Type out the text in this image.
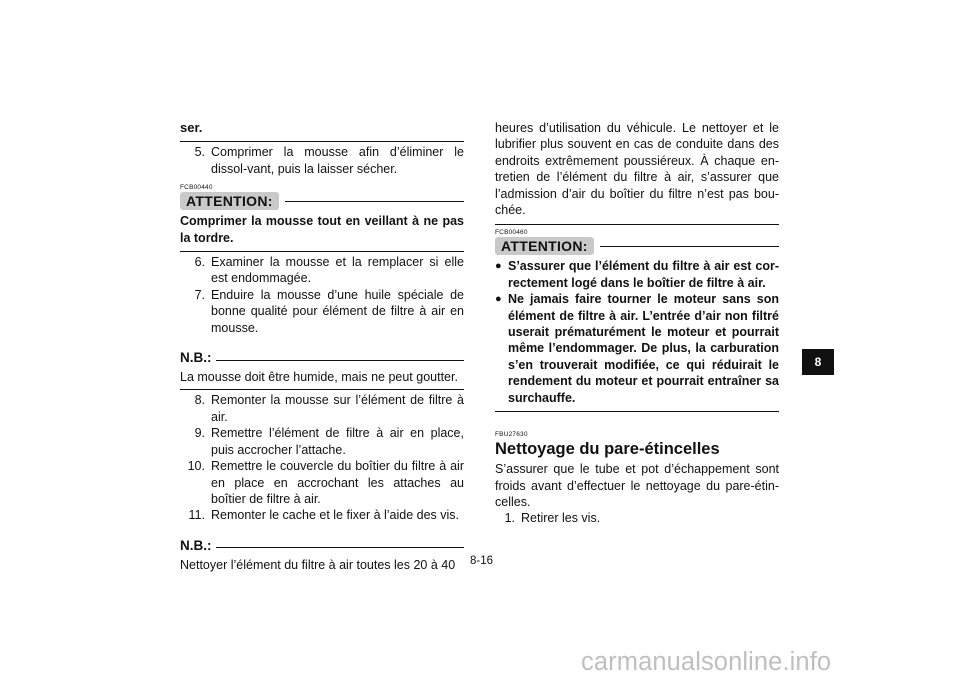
ser.
5. Comprimer la mousse afin d’éliminer le dissol-vant, puis la laisser sécher.
FCB00440
ATTENTION:
Comprimer la mousse tout en veillant à ne pas la tordre.
6. Examiner la mousse et la remplacer si elle est endommagée.
7. Enduire la mousse d’une huile spéciale de bonne qualité pour élément de filtre à air en mousse.
N.B.:
La mousse doit être humide, mais ne peut goutter.
8. Remonter la mousse sur l’élément de filtre à air.
9. Remettre l’élément de filtre à air en place, puis accrocher l’attache.
10. Remettre le couvercle du boîtier du filtre à air en place en accrochant les attaches au boîtier de filtre à air.
11. Remonter le cache et le fixer à l’aide des vis.
N.B.:
Nettoyer l’élément du filtre à air toutes les 20 à 40
heures d’utilisation du véhicule. Le nettoyer et le lubrifier plus souvent en cas de conduite dans des endroits extrêmement poussiéreux. À chaque en-tretien de l’élément du filtre à air, s’assurer que l’admission d’air du boîtier du filtre n’est pas bou-chée.
FCB00460
ATTENTION:
● S’assurer que l’élément du filtre à air est cor-rectement logé dans le boîtier de filtre à air.
● Ne jamais faire tourner le moteur sans son élément de filtre à air. L’entrée d’air non filtré userait prématurément le moteur et pourrait même l’endommager. De plus, la carburation s’en trouverait modifiée, ce qui réduirait le rendement du moteur et pourrait entraîner sa surchauffe.
FBU27630
Nettoyage du pare-étincelles
S’assurer que le tube et pot d’échappement sont froids avant d’effectuer le nettoyage du pare-étin-celles.
1. Retirer les vis.
8-16
8
carmanualsonline.info
